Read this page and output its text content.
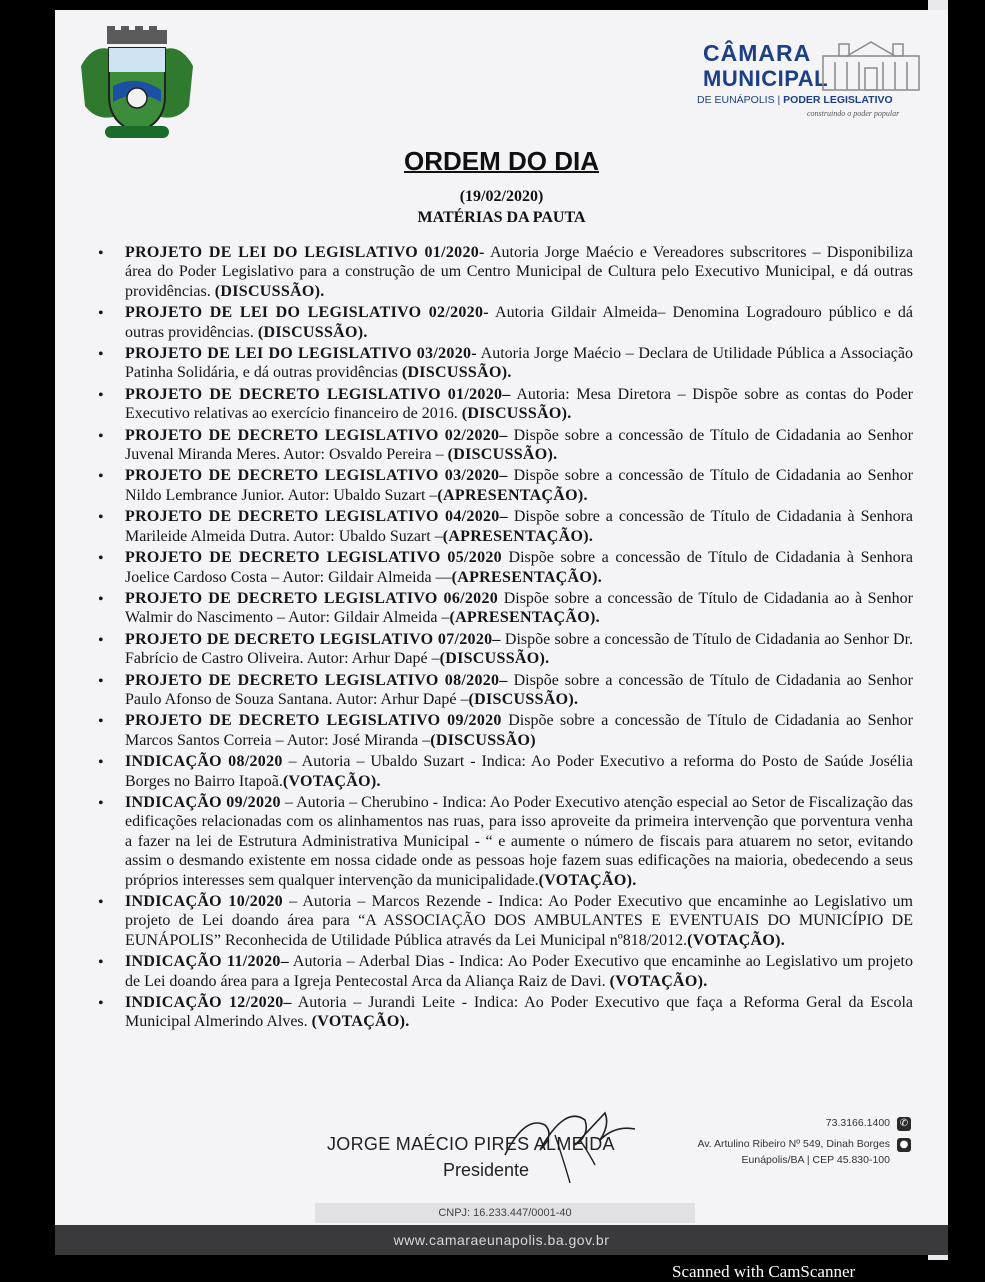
CÂMARA
MUNICIPAL
DE EUNÁPOLIS | PODER LEGISLATIVO
construindo o poder popular
ORDEM DO DIA
(19/02/2020)
MATÉRIAS DA PAUTA
• PROJETO DE LEI DO LEGISLATIVO 01/2020- Autoria Jorge Maécio e Vereadores subscritores – Disponibiliza área do Poder Legislativo para a construção de um Centro Municipal de Cultura pelo Executivo Municipal, e dá outras providências. (DISCUSSÃO).
• PROJETO DE LEI DO LEGISLATIVO 02/2020- Autoria Gildair Almeida– Denomina Logradouro público e dá outras providências. (DISCUSSÃO).
• PROJETO DE LEI DO LEGISLATIVO 03/2020- Autoria Jorge Maécio – Declara de Utilidade Pública a Associação Patinha Solidária, e dá outras providências (DISCUSSÃO).
• PROJETO DE DECRETO LEGISLATIVO 01/2020– Autoria: Mesa Diretora – Dispõe sobre as contas do Poder Executivo relativas ao exercício financeiro de 2016. (DISCUSSÃO).
• PROJETO DE DECRETO LEGISLATIVO 02/2020– Dispõe sobre a concessão de Título de Cidadania ao Senhor Juvenal Miranda Meres. Autor: Osvaldo Pereira – (DISCUSSÃO).
• PROJETO DE DECRETO LEGISLATIVO 03/2020– Dispõe sobre a concessão de Título de Cidadania ao Senhor Nildo Lembrance Junior. Autor: Ubaldo Suzart –(APRESENTAÇÃO).
• PROJETO DE DECRETO LEGISLATIVO 04/2020– Dispõe sobre a concessão de Título de Cidadania à Senhora Marileide Almeida Dutra. Autor: Ubaldo Suzart –(APRESENTAÇÃO).
• PROJETO DE DECRETO LEGISLATIVO 05/2020 Dispõe sobre a concessão de Título de Cidadania à Senhora Joelice Cardoso Costa – Autor: Gildair Almeida ––(APRESENTAÇÃO).
• PROJETO DE DECRETO LEGISLATIVO 06/2020 Dispõe sobre a concessão de Título de Cidadania ao à Senhor Walmir do Nascimento – Autor: Gildair Almeida –(APRESENTAÇÃO).
• PROJETO DE DECRETO LEGISLATIVO 07/2020– Dispõe sobre a concessão de Título de Cidadania ao Senhor Dr. Fabrício de Castro Oliveira. Autor: Arhur Dapé –(DISCUSSÃO).
• PROJETO DE DECRETO LEGISLATIVO 08/2020– Dispõe sobre a concessão de Título de Cidadania ao Senhor Paulo Afonso de Souza Santana. Autor: Arhur Dapé –(DISCUSSÃO).
• PROJETO DE DECRETO LEGISLATIVO 09/2020 Dispõe sobre a concessão de Título de Cidadania ao Senhor Marcos Santos Correia – Autor: José Miranda –(DISCUSSÃO)
• INDICAÇÃO 08/2020 – Autoria – Ubaldo Suzart - Indica: Ao Poder Executivo a reforma do Posto de Saúde Josélia Borges no Bairro Itapoã.(VOTAÇÃO).
• INDICAÇÃO 09/2020 – Autoria – Cherubino - Indica: Ao Poder Executivo atenção especial ao Setor de Fiscalização das edificações relacionadas com os alinhamentos nas ruas, para isso aproveite da primeira intervenção que porventura venha a fazer na lei de Estrutura Administrativa Municipal - “ e aumente o número de fiscais para atuarem no setor, evitando assim o desmando existente em nossa cidade onde as pessoas hoje fazem suas edificações na maioria, obedecendo a seus próprios interesses sem qualquer intervenção da municipalidade.(VOTAÇÃO).
• INDICAÇÃO 10/2020 – Autoria – Marcos Rezende - Indica: Ao Poder Executivo que encaminhe ao Legislativo um projeto de Lei doando área para “A ASSOCIAÇÃO DOS AMBULANTES E EVENTUAIS DO MUNICÍPIO DE EUNÁPOLIS” Reconhecida de Utilidade Pública através da Lei Municipal nº818/2012.(VOTAÇÃO).
• INDICAÇÃO 11/2020– Autoria – Aderbal Dias - Indica: Ao Poder Executivo que encaminhe ao Legislativo um projeto de Lei doando área para a Igreja Pentecostal Arca da Aliança Raiz de Davi. (VOTAÇÃO).
• INDICAÇÃO 12/2020– Autoria – Jurandi Leite - Indica: Ao Poder Executivo que faça a Reforma Geral da Escola Municipal Almerindo Alves. (VOTAÇÃO).
JORGE MAÉCIO PIRES ALMEIDA
Presidente
73.3166.1400 ✆
Av. Artulino Ribeiro Nº 549, Dinah Borges ●
Eunápolis/BA | CEP 45.830-100
CNPJ: 16.233.447/0001-40
www.camaraeunapolis.ba.gov.br
Scanned with CamScanner
